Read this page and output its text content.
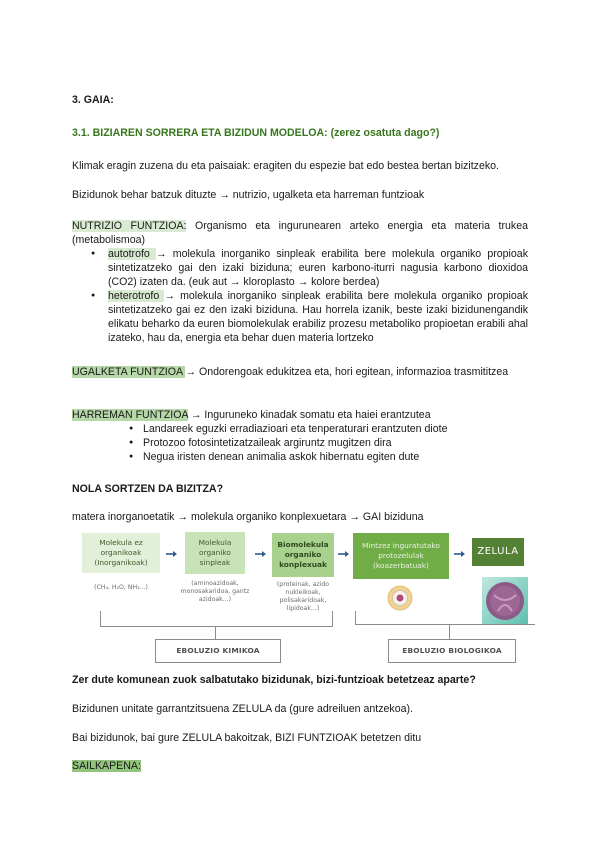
3. GAIA:
3.1. BIZIAREN SORRERA ETA BIZIDUN MODELOA: (zerez osatuta dago?)
Klimak eragin zuzena du eta paisaiak: eragiten du espezie bat edo bestea bertan bizitzeko.
Bizidunok behar batzuk dituzte → nutrizio, ugalketa eta harreman funtzioak
NUTRIZIO FUNTZIOA: Organismo eta ingurunearen arteko energia eta materia trukea (metabolismoa)
● autotrofo → molekula inorganiko sinpleak erabilita bere molekula organiko propioak sintetizatzeko gai den izaki biziduna; euren karbono-iturri nagusia karbono dioxidoa (CO2) izaten da. (euk aut → kloroplasto → kolore berdea)
● heterotrofo → molekula inorganiko sinpleak erabilita bere molekula organiko propioak sintetizatzeko gai ez den izaki biziduna. Hau horrela izanik, beste izaki bizidunengandik elikatu beharko da euren biomolekulak erabiliz prozesu metaboliko propioetan erabili ahal izateko, hau da, energia eta behar duen materia lortzeko
UGALKETA FUNTZIOA → Ondorengoak edukitzea eta, hori egitean, informazioa trasmititzea
HARREMAN FUNTZIOA → Inguruneko kinadak somatu eta haiei erantzutea
● Landareek eguzki erradiazioari eta tenperaturari erantzuten diote
● Protozoo fotosintetizatzaileak argiruntz mugitzen dira
● Negua iristen denean animalia askok hibernatu egiten dute
NOLA SORTZEN DA BIZITZA?
matera inorganoetatik → molekula organiko konplexuetara → GAI biziduna
Molekula ez organikoak (Inorganikoak)
(CH₄, H₂O, NH₃...)
Molekula organiko sinpleak
(aminoazidoak, monosakaridoa, gantz azidoak...)
Biomolekula organiko konplexuak
(proteinak, azido nukleikoak, polisakaridoak, lipidoak...)
Mintzez inguratutako protozelulak (koazerbatuak)
ZELULA
EBOLUZIO KIMIKOA	EBOLUZIO BIOLOGIKOA
Zer dute komunean zuok salbatutako bizidunak, bizi-funtzioak betetzeaz aparte?
Bizidunen unitate garrantzitsuena ZELULA da (gure adreiluen antzekoa).
Bai bizidunok, bai gure ZELULA bakoitzak, BIZI FUNTZIOAK betetzen ditu
SAILKAPENA:
